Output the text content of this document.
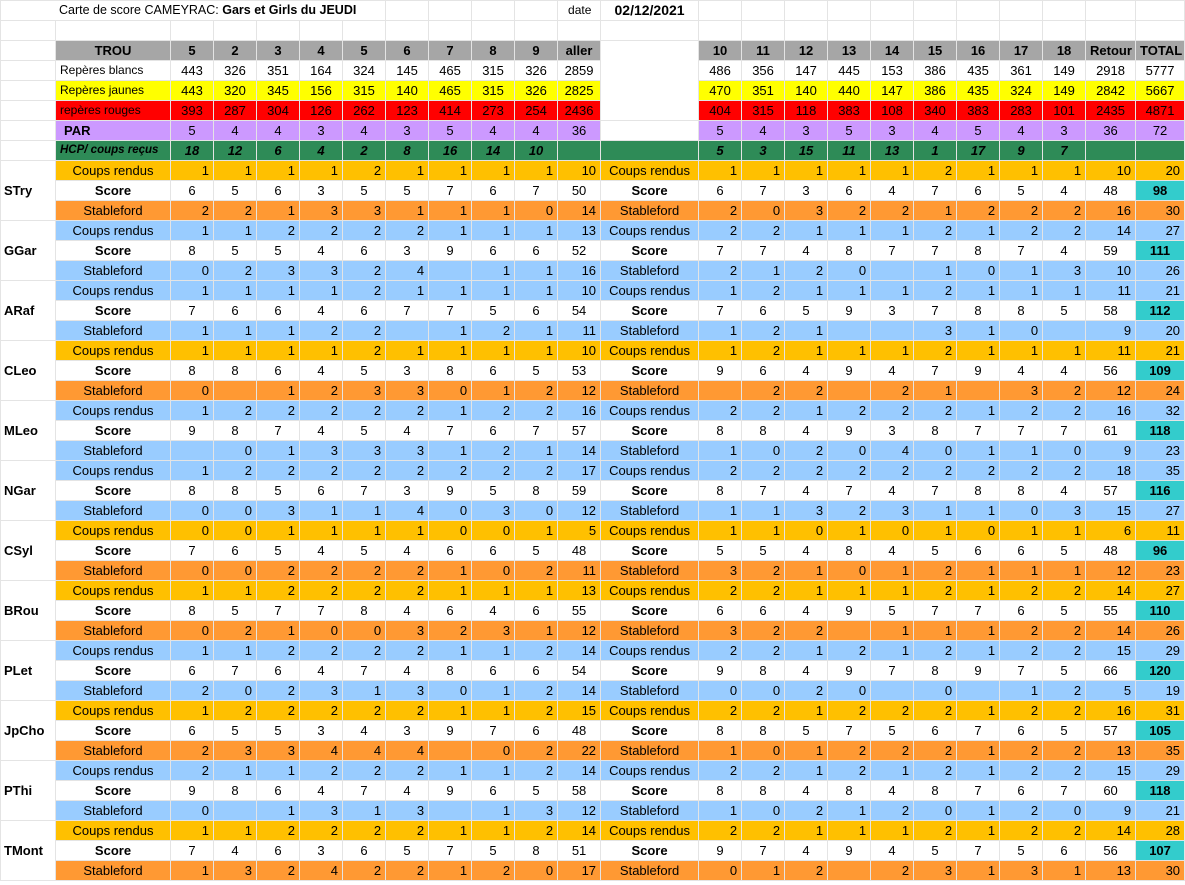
Carte de score CAMEYRAC: Gars et Girls du JEUDI											date	02/12/2021											

	TROU	5	2	3	4	5	6	7	8	9	aller		10	11	12	13	14	15	16	17	18	Retour	TOTAL
	Repères blancs	443	326	351	164	324	145	465	315	326	2859		486	356	147	445	153	386	435	361	149	2918	5777
	Repères jaunes	443	320	345	156	315	140	465	315	326	2825		470	351	140	440	147	386	435	324	149	2842	5667
	repères rouges	393	287	304	126	262	123	414	273	254	2436		404	315	118	383	108	340	383	283	101	2435	4871
	PAR	5	4	4	3	4	3	5	4	4	36		5	4	3	5	3	4	5	4	3	36	72
	HCP/ coups reçus	18	12	6	4	2	8	16	14	10			5	3	15	11	13	1	17	9	7		
STry	Coups rendus	1	1	1	1	2	1	1	1	1	10	Coups rendus	1	1	1	1	1	2	1	1	1	10	20
	Score	6	5	6	3	5	5	7	6	7	50	Score	6	7	3	6	4	7	6	5	4	48	98
	Stableford	2	2	1	3	3	1	1	1	0	14	Stableford	2	0	3	2	2	1	2	2	2	16	30
GGar	Coups rendus	1	1	2	2	2	2	1	1	1	13	Coups rendus	2	2	1	1	1	2	1	2	2	14	27
	Score	8	5	5	4	6	3	9	6	6	52	Score	7	7	4	8	7	7	8	7	4	59	111
	Stableford	0	2	3	3	2	4		1	1	16	Stableford	2	1	2	0		1	0	1	3	10	26
ARaf	Coups rendus	1	1	1	1	2	1	1	1	1	10	Coups rendus	1	2	1	1	1	2	1	1	1	11	21
	Score	7	6	6	4	6	7	7	5	6	54	Score	7	6	5	9	3	7	8	8	5	58	112
	Stableford	1	1	1	2	2		1	2	1	11	Stableford	1	2	1			3	1	0		9	20
CLeo	Coups rendus	1	1	1	1	2	1	1	1	1	10	Coups rendus	1	2	1	1	1	2	1	1	1	11	21
	Score	8	8	6	4	5	3	8	6	5	53	Score	9	6	4	9	4	7	9	4	4	56	109
	Stableford	0		1	2	3	3	0	1	2	12	Stableford		2	2		2	1		3	2	12	24
MLeo	Coups rendus	1	2	2	2	2	2	1	2	2	16	Coups rendus	2	2	1	2	2	2	1	2	2	16	32
	Score	9	8	7	4	5	4	7	6	7	57	Score	8	8	4	9	3	8	7	7	7	61	118
	Stableford		0	1	3	3	3	1	2	1	14	Stableford	1	0	2	0	4	0	1	1	0	9	23
NGar	Coups rendus	1	2	2	2	2	2	2	2	2	17	Coups rendus	2	2	2	2	2	2	2	2	2	18	35
	Score	8	8	5	6	7	3	9	5	8	59	Score	8	7	4	7	4	7	8	8	4	57	116
	Stableford	0	0	3	1	1	4	0	3	0	12	Stableford	1	1	3	2	3	1	1	0	3	15	27
CSyl	Coups rendus	0	0	1	1	1	1	0	0	1	5	Coups rendus	1	1	0	1	0	1	0	1	1	6	11
	Score	7	6	5	4	5	4	6	6	5	48	Score	5	5	4	8	4	5	6	6	5	48	96
	Stableford	0	0	2	2	2	2	1	0	2	11	Stableford	3	2	1	0	1	2	1	1	1	12	23
BRou	Coups rendus	1	1	2	2	2	2	1	1	1	13	Coups rendus	2	2	1	1	1	2	1	2	2	14	27
	Score	8	5	7	7	8	4	6	4	6	55	Score	6	6	4	9	5	7	7	6	5	55	110
	Stableford	0	2	1	0	0	3	2	3	1	12	Stableford	3	2	2		1	1	1	2	2	14	26
PLet	Coups rendus	1	1	2	2	2	2	1	1	2	14	Coups rendus	2	2	1	2	1	2	1	2	2	15	29
	Score	6	7	6	4	7	4	8	6	6	54	Score	9	8	4	9	7	8	9	7	5	66	120
	Stableford	2	0	2	3	1	3	0	1	2	14	Stableford	0	0	2	0		0		1	2	5	19
JpCho	Coups rendus	1	2	2	2	2	2	1	1	2	15	Coups rendus	2	2	1	2	2	2	1	2	2	16	31
	Score	6	5	5	3	4	3	9	7	6	48	Score	8	8	5	7	5	6	7	6	5	57	105
	Stableford	2	3	3	4	4	4		0	2	22	Stableford	1	0	1	2	2	2	1	2	2	13	35
PThi	Coups rendus	2	1	1	2	2	2	1	1	2	14	Coups rendus	2	2	1	2	1	2	1	2	2	15	29
	Score	9	8	6	4	7	4	9	6	5	58	Score	8	8	4	8	4	8	7	6	7	60	118
	Stableford	0		1	3	1	3		1	3	12	Stableford	1	0	2	1	2	0	1	2	0	9	21
TMont	Coups rendus	1	1	2	2	2	2	1	1	2	14	Coups rendus	2	2	1	1	1	2	1	2	2	14	28
	Score	7	4	6	3	6	5	7	5	8	51	Score	9	7	4	9	4	5	7	5	6	56	107
	Stableford	1	3	2	4	2	2	1	2	0	17	Stableford	0	1	2		2	3	1	3	1	13	30
